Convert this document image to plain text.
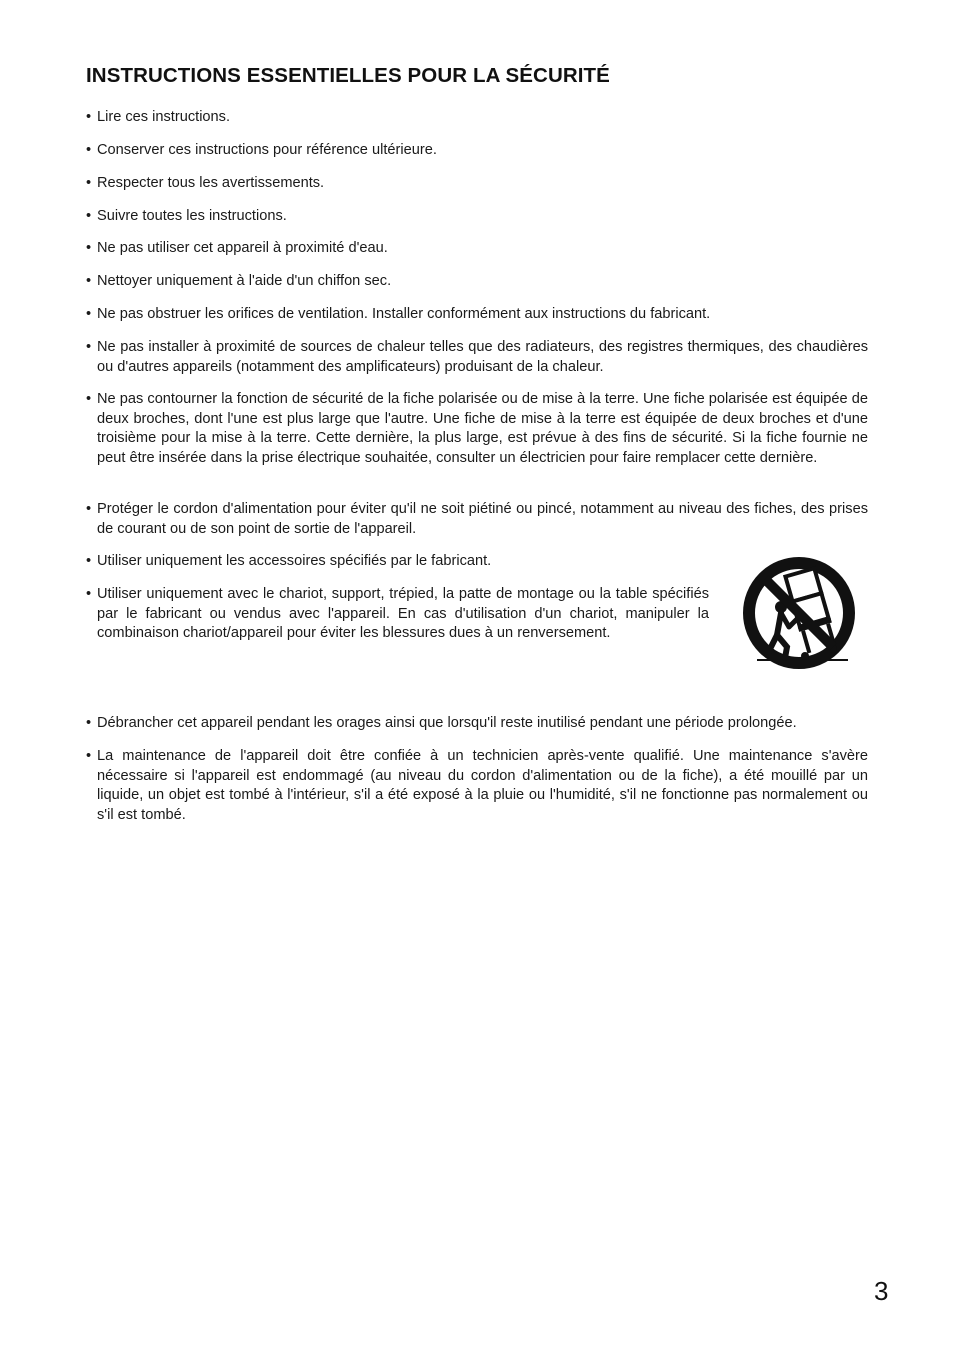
INSTRUCTIONS ESSENTIELLES POUR LA SÉCURITÉ
• Lire ces instructions.
• Conserver ces instructions pour référence ultérieure.
• Respecter tous les avertissements.
• Suivre toutes les instructions.
• Ne pas utiliser cet appareil à proximité d'eau.
• Nettoyer uniquement à l'aide d'un chiffon sec.
• Ne pas obstruer les orifices de ventilation. Installer conformément aux instructions du fabricant.
• Ne pas installer à proximité de sources de chaleur telles que des radiateurs, des registres thermiques, des chaudières ou d'autres appareils (notamment des amplificateurs) produisant de la chaleur.
• Ne pas contourner la fonction de sécurité de la fiche polarisée ou de mise à la terre. Une fiche polarisée est équipée de deux broches, dont l'une est plus large que l'autre. Une fiche de mise à la terre est équipée de deux broches et d'une troisième pour la mise à la terre. Cette dernière, la plus large, est prévue à des fins de sécurité. Si la fiche fournie ne peut être insérée dans la prise électrique souhaitée, consulter un électricien pour faire remplacer cette dernière.
• Protéger le cordon d'alimentation pour éviter qu'il ne soit piétiné ou pincé, notamment au niveau des fiches, des prises de courant ou de son point de sortie de l'appareil.
• Utiliser uniquement les accessoires spécifiés par le fabricant.
• Utiliser uniquement avec le chariot, support, trépied, la patte de montage ou la table spécifiés par le fabricant ou vendus avec l'appareil. En cas d'utilisation d'un chariot, manipuler la combinaison chariot/appareil pour éviter les blessures dues à un renversement.
• Débrancher cet appareil pendant les orages ainsi que lorsqu'il reste inutilisé pendant une période prolongée.
• La maintenance de l'appareil doit être confiée à un technicien après-vente qualifié. Une maintenance s'avère nécessaire si l'appareil est endommagé (au niveau du cordon d'alimentation ou de la fiche), a été mouillé par un liquide, un objet est tombé à l'intérieur, s'il a été exposé à la pluie ou l'humidité, s'il ne fonctionne pas normalement ou s'il est tombé.
3
